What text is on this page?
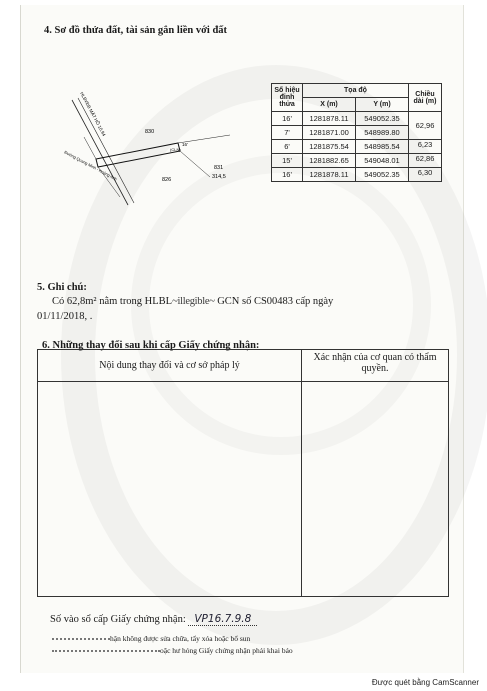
4. Sơ đồ thửa đất, tài sản gắn liền với đất
HLBVĐB MẶT HỒ 10.94
Đường Quang Minh - Hoàng Anh
830
826
831
314,5
(CLN)
16'
Số hiệu đỉnh thửa	Tọa độ		Chiều dài (m)
	X (m)	Y (m)	
16'	1281878.11	549052.35	62,96
7'	1281871.00	548989.80	
6'	1281875.54	548985.54	6,23
15'	1281882.65	549048.01	62,86
16'	1281878.11	549052.35	6,30
5. Ghi chú:
Có 62,8m² nằm trong HLBL~illegible~ GCN số CS00483 cấp ngày
01/11/2018, .
6. Những thay đổi sau khi cấp Giấy chứng nhận:
Nội dung thay đổi và cơ sở pháp lý	Xác nhận của cơ quan có thẩm quyền.

Số vào sổ cấp Giấy chứng nhận: VP16.7.9.8
hận không được sửa chữa, tẩy xóa hoặc bổ sun
oặc hư hỏng Giấy chứng nhận phải khai báo
Được quét bằng CamScanner
